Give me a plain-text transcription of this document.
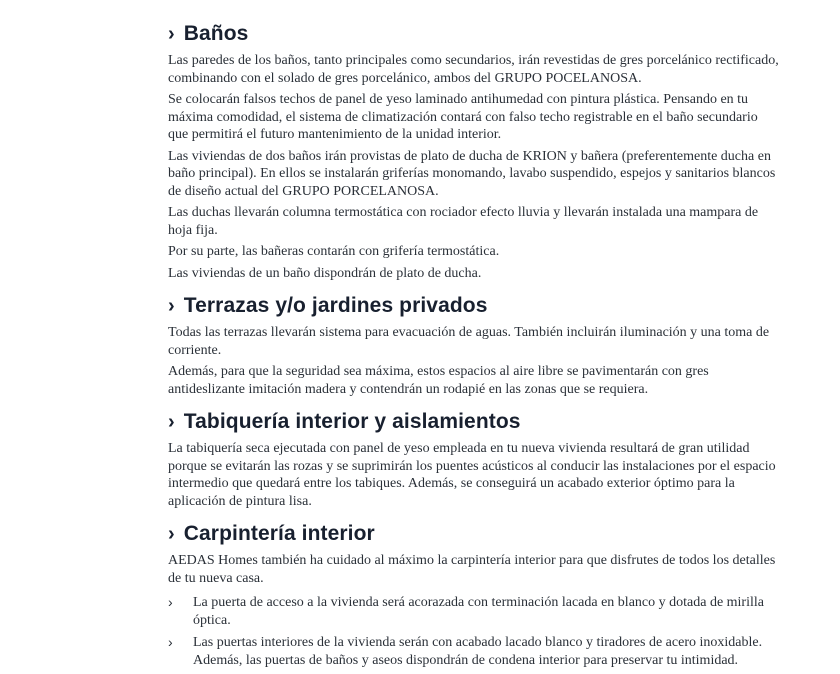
› Baños

Las paredes de los baños, tanto principales como secundarios, irán revestidas de gres porcelánico rectificado, combinando con el solado de gres porcelánico, ambos del GRUPO POCELANOSA.

Se colocarán falsos techos de panel de yeso laminado antihumedad con pintura plástica. Pensando en tu máxima comodidad, el sistema de climatización contará con falso techo registrable en el baño secundario que permitirá el futuro mantenimiento de la unidad interior.

Las viviendas de dos baños irán provistas de plato de ducha de KRION y bañera (preferentemente ducha en baño principal). En ellos se instalarán griferías monomando, lavabo suspendido, espejos y sanitarios blancos de diseño actual del GRUPO PORCELANOSA.

Las duchas llevarán columna termostática con rociador efecto lluvia y llevarán instalada una mampara de hoja fija.

Por su parte, las bañeras contarán con grifería termostática.

Las viviendas de un baño dispondrán de plato de ducha.

› Terrazas y/o jardines privados

Todas las terrazas llevarán sistema para evacuación de aguas. También incluirán iluminación y una toma de corriente.

Además, para que la seguridad sea máxima, estos espacios al aire libre se pavimentarán con gres antideslizante imitación madera y contendrán un rodapié en las zonas que se requiera.

› Tabiquería interior y aislamientos

La tabiquería seca ejecutada con panel de yeso empleada en tu nueva vivienda resultará de gran utilidad porque se evitarán las rozas y se suprimirán los puentes acústicos al conducir las instalaciones por el espacio intermedio que quedará entre los tabiques. Además, se conseguirá un acabado exterior óptimo para la aplicación de pintura lisa.

› Carpintería interior

AEDAS Homes también ha cuidado al máximo la carpintería interior para que disfrutes de todos los detalles de tu nueva casa.

›	La puerta de acceso a la vivienda será acorazada con terminación lacada en blanco y dotada de mirilla óptica.
›	Las puertas interiores de la vivienda serán con acabado lacado blanco y tiradores de acero inoxidable. Además, las puertas de baños y aseos dispondrán de condena interior para preservar tu intimidad.
